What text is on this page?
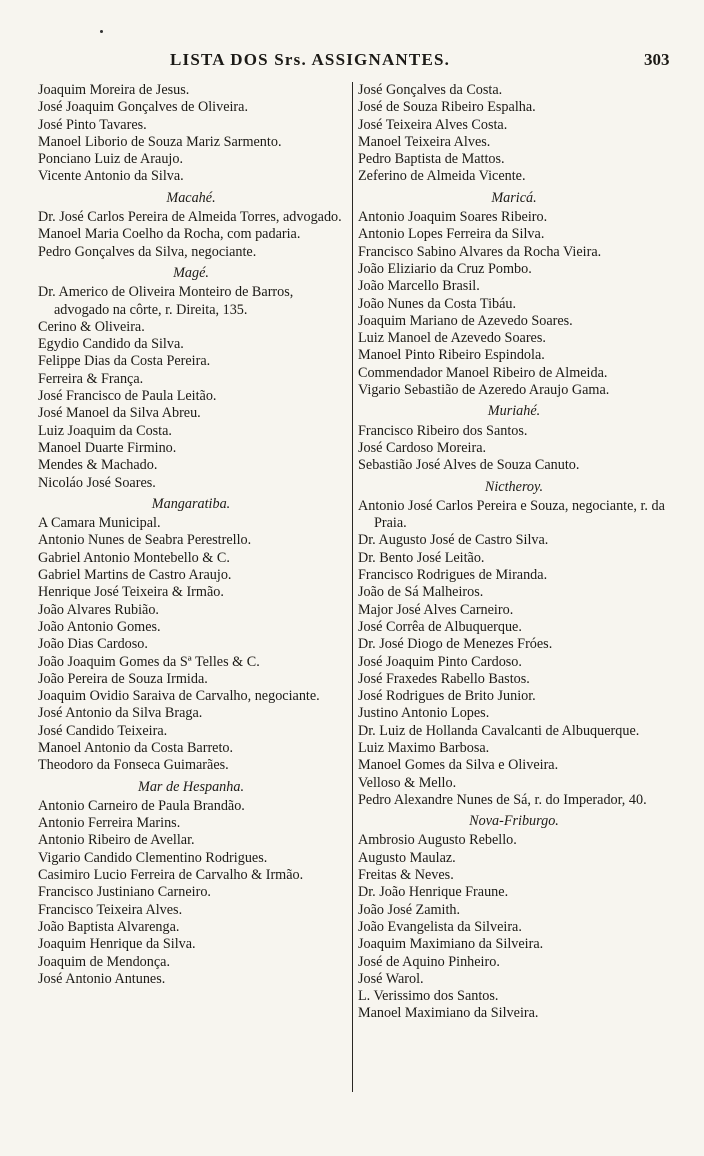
LISTA DOS Srs. ASSIGNANTES.	303
Joaquim Moreira de Jesus.
José Joaquim Gonçalves de Oliveira.
José Pinto Tavares.
Manoel Liborio de Souza Mariz Sarmento.
Ponciano Luiz de Araujo.
Vicente Antonio da Silva.
Macahé.
Dr. José Carlos Pereira de Almeida Torres, advogado.
Manoel Maria Coelho da Rocha, com padaria.
Pedro Gonçalves da Silva, negociante.
Magé.
Dr. Americo de Oliveira Monteiro de Barros, advogado na côrte, r. Direita, 135.
Cerino & Oliveira.
Egydio Candido da Silva.
Felippe Dias da Costa Pereira.
Ferreira & França.
José Francisco de Paula Leitão.
José Manoel da Silva Abreu.
Luiz Joaquim da Costa.
Manoel Duarte Firmino.
Mendes & Machado.
Nicoláo José Soares.
Mangaratiba.
A Camara Municipal.
Antonio Nunes de Seabra Perestrello.
Gabriel Antonio Montebello & C.
Gabriel Martins de Castro Araujo.
Henrique José Teixeira & Irmão.
João Alvares Rubião.
João Antonio Gomes.
João Dias Cardoso.
João Joaquim Gomes da Sª Telles & C.
João Pereira de Souza Irmida.
Joaquim Ovidio Saraiva de Carvalho, negociante.
José Antonio da Silva Braga.
José Candido Teixeira.
Manoel Antonio da Costa Barreto.
Theodoro da Fonseca Guimarães.
Mar de Hespanha.
Antonio Carneiro de Paula Brandão.
Antonio Ferreira Marins.
Antonio Ribeiro de Avellar.
Vigario Candido Clementino Rodrigues.
Casimiro Lucio Ferreira de Carvalho & Irmão.
Francisco Justiniano Carneiro.
Francisco Teixeira Alves.
João Baptista Alvarenga.
Joaquim Henrique da Silva.
Joaquim de Mendonça.
José Antonio Antunes.
José Gonçalves da Costa.
José de Souza Ribeiro Espalha.
José Teixeira Alves Costa.
Manoel Teixeira Alves.
Pedro Baptista de Mattos.
Zeferino de Almeida Vicente.
Maricá.
Antonio Joaquim Soares Ribeiro.
Antonio Lopes Ferreira da Silva.
Francisco Sabino Alvares da Rocha Vieira.
João Eliziario da Cruz Pombo.
João Marcello Brasil.
João Nunes da Costa Tibáu.
Joaquim Mariano de Azevedo Soares.
Luiz Manoel de Azevedo Soares.
Manoel Pinto Ribeiro Espindola.
Commendador Manoel Ribeiro de Almeida.
Vigario Sebastião de Azeredo Araujo Gama.
Muriahé.
Francisco Ribeiro dos Santos.
José Cardoso Moreira.
Sebastião José Alves de Souza Canuto.
Nictheroy.
Antonio José Carlos Pereira e Souza, negociante, r. da Praia.
Dr. Augusto José de Castro Silva.
Dr. Bento José Leitão.
Francisco Rodrigues de Miranda.
João de Sá Malheiros.
Major José Alves Carneiro.
José Corrêa de Albuquerque.
Dr. José Diogo de Menezes Fróes.
José Joaquim Pinto Cardoso.
José Fraxedes Rabello Bastos.
José Rodrigues de Brito Junior.
Justino Antonio Lopes.
Dr. Luiz de Hollanda Cavalcanti de Albuquerque.
Luiz Maximo Barbosa.
Manoel Gomes da Silva e Oliveira.
Velloso & Mello.
Pedro Alexandre Nunes de Sá, r. do Imperador, 40.
Nova-Friburgo.
Ambrosio Augusto Rebello.
Augusto Maulaz.
Freitas & Neves.
Dr. João Henrique Fraune.
João José Zamith.
João Evangelista da Silveira.
Joaquim Maximiano da Silveira.
José de Aquino Pinheiro.
José Warol.
L. Verissimo dos Santos.
Manoel Maximiano da Silveira.
